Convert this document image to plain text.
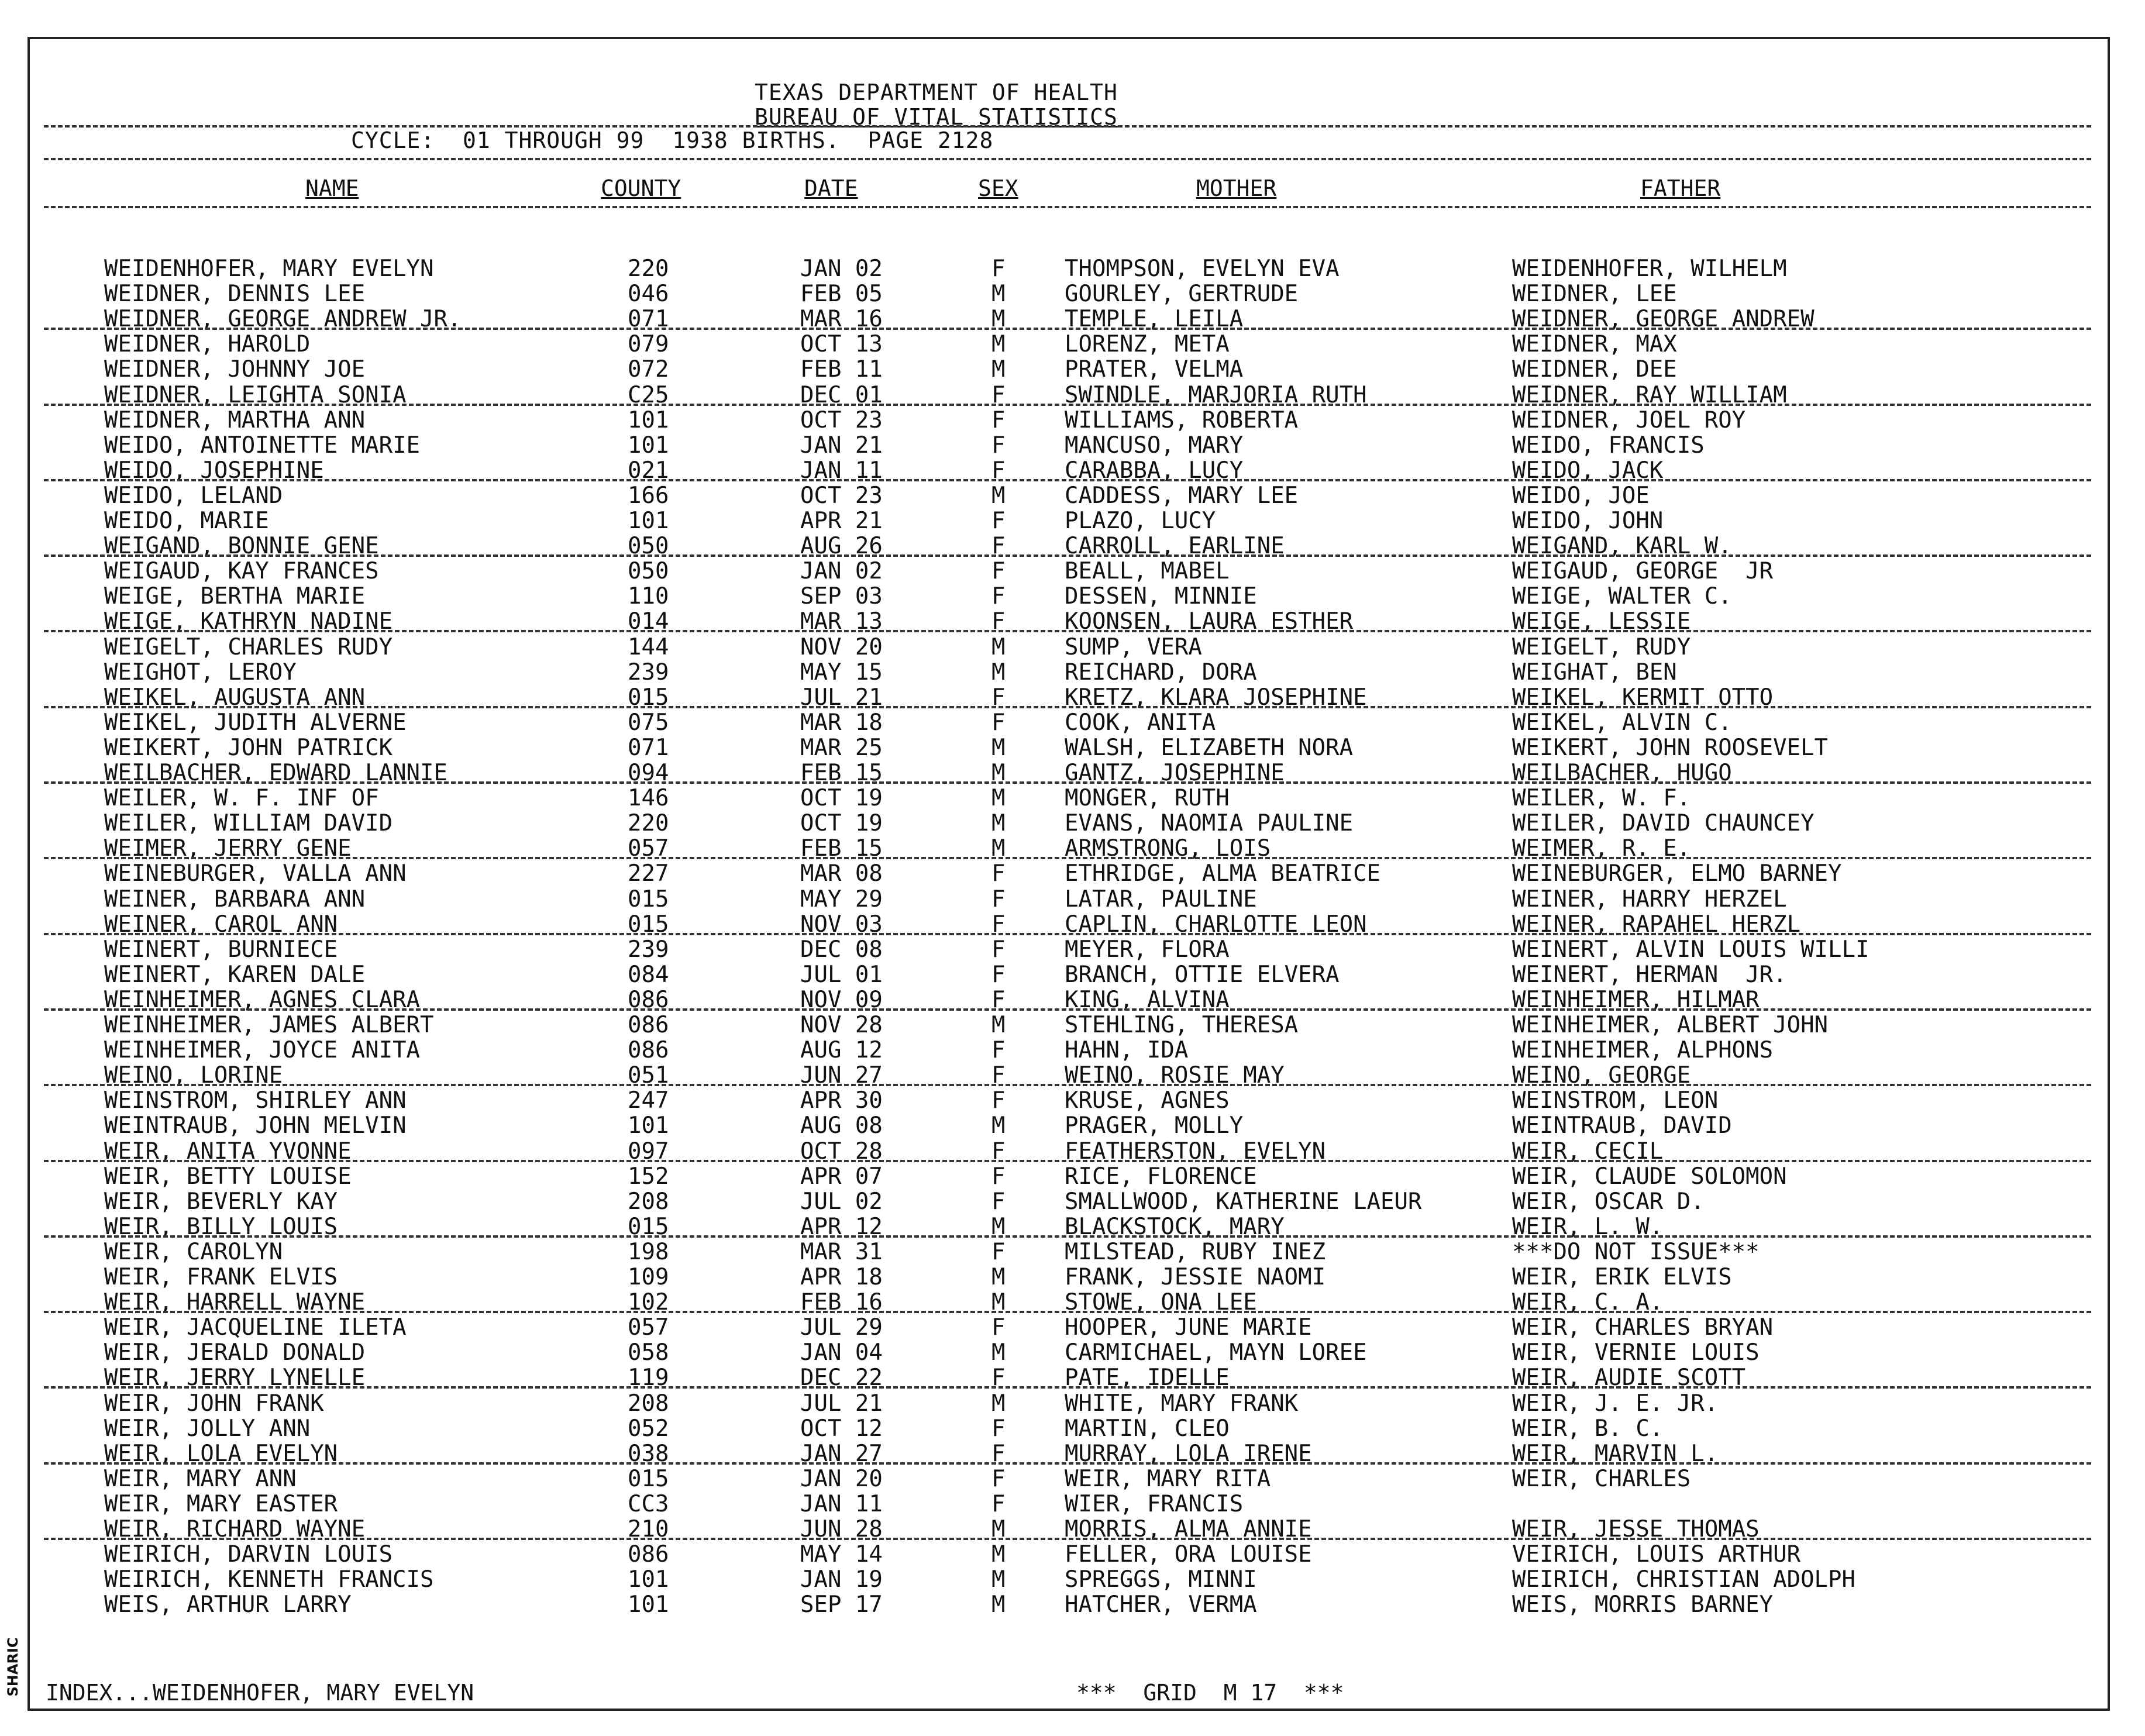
SHARIC
TEXAS DEPARTMENT OF HEALTH
BUREAU OF VITAL STATISTICS
CYCLE:  01 THROUGH 99  1938 BIRTHS.  PAGE 2128
NAME	COUNTY	DATE	SEX	MOTHER	FATHER
WEIDENHOFER, MARY EVELYN	220	JAN 02	F	THOMPSON, EVELYN EVA	WEIDENHOFER, WILHELM
WEIDNER, DENNIS LEE	046	FEB 05	M	GOURLEY, GERTRUDE	WEIDNER, LEE
WEIDNER, GEORGE ANDREW JR.	071	MAR 16	M	TEMPLE, LEILA	WEIDNER, GEORGE ANDREW
WEIDNER, HAROLD	079	OCT 13	M	LORENZ, META	WEIDNER, MAX
WEIDNER, JOHNNY JOE	072	FEB 11	M	PRATER, VELMA	WEIDNER, DEE
WEIDNER, LEIGHTA SONIA	C25	DEC 01	F	SWINDLE, MARJORIA RUTH	WEIDNER, RAY WILLIAM
WEIDNER, MARTHA ANN	101	OCT 23	F	WILLIAMS, ROBERTA	WEIDNER, JOEL ROY
WEIDO, ANTOINETTE MARIE	101	JAN 21	F	MANCUSO, MARY	WEIDO, FRANCIS
WEIDO, JOSEPHINE	021	JAN 11	F	CARABBA, LUCY	WEIDO, JACK
WEIDO, LELAND	166	OCT 23	M	CADDESS, MARY LEE	WEIDO, JOE
WEIDO, MARIE	101	APR 21	F	PLAZO, LUCY	WEIDO, JOHN
WEIGAND, BONNIE GENE	050	AUG 26	F	CARROLL, EARLINE	WEIGAND, KARL W.
WEIGAUD, KAY FRANCES	050	JAN 02	F	BEALL, MABEL	WEIGAUD, GEORGE  JR
WEIGE, BERTHA MARIE	110	SEP 03	F	DESSEN, MINNIE	WEIGE, WALTER C.
WEIGE, KATHRYN NADINE	014	MAR 13	F	KOONSEN, LAURA ESTHER	WEIGE, LESSIE
WEIGELT, CHARLES RUDY	144	NOV 20	M	SUMP, VERA	WEIGELT, RUDY
WEIGHOT, LEROY	239	MAY 15	M	REICHARD, DORA	WEIGHAT, BEN
WEIKEL, AUGUSTA ANN	015	JUL 21	F	KRETZ, KLARA JOSEPHINE	WEIKEL, KERMIT OTTO
WEIKEL, JUDITH ALVERNE	075	MAR 18	F	COOK, ANITA	WEIKEL, ALVIN C.
WEIKERT, JOHN PATRICK	071	MAR 25	M	WALSH, ELIZABETH NORA	WEIKERT, JOHN ROOSEVELT
WEILBACHER, EDWARD LANNIE	094	FEB 15	M	GANTZ, JOSEPHINE	WEILBACHER, HUGO
WEILER, W. F. INF OF	146	OCT 19	M	MONGER, RUTH	WEILER, W. F.
WEILER, WILLIAM DAVID	220	OCT 19	M	EVANS, NAOMIA PAULINE	WEILER, DAVID CHAUNCEY
WEIMER, JERRY GENE	057	FEB 15	M	ARMSTRONG, LOIS	WEIMER, R. E.
WEINEBURGER, VALLA ANN	227	MAR 08	F	ETHRIDGE, ALMA BEATRICE	WEINEBURGER, ELMO BARNEY
WEINER, BARBARA ANN	015	MAY 29	F	LATAR, PAULINE	WEINER, HARRY HERZEL
WEINER, CAROL ANN	015	NOV 03	F	CAPLIN, CHARLOTTE LEON	WEINER, RAPAHEL HERZL
WEINERT, BURNIECE	239	DEC 08	F	MEYER, FLORA	WEINERT, ALVIN LOUIS WILLI
WEINERT, KAREN DALE	084	JUL 01	F	BRANCH, OTTIE ELVERA	WEINERT, HERMAN  JR.
WEINHEIMER, AGNES CLARA	086	NOV 09	F	KING, ALVINA	WEINHEIMER, HILMAR
WEINHEIMER, JAMES ALBERT	086	NOV 28	M	STEHLING, THERESA	WEINHEIMER, ALBERT JOHN
WEINHEIMER, JOYCE ANITA	086	AUG 12	F	HAHN, IDA	WEINHEIMER, ALPHONS
WEINO, LORINE	051	JUN 27	F	WEINO, ROSIE MAY	WEINO, GEORGE
WEINSTROM, SHIRLEY ANN	247	APR 30	F	KRUSE, AGNES	WEINSTROM, LEON
WEINTRAUB, JOHN MELVIN	101	AUG 08	M	PRAGER, MOLLY	WEINTRAUB, DAVID
WEIR, ANITA YVONNE	097	OCT 28	F	FEATHERSTON, EVELYN	WEIR, CECIL
WEIR, BETTY LOUISE	152	APR 07	F	RICE, FLORENCE	WEIR, CLAUDE SOLOMON
WEIR, BEVERLY KAY	208	JUL 02	F	SMALLWOOD, KATHERINE LAEUR	WEIR, OSCAR D.
WEIR, BILLY LOUIS	015	APR 12	M	BLACKSTOCK, MARY	WEIR, L. W.
WEIR, CAROLYN	198	MAR 31	F	MILSTEAD, RUBY INEZ	***DO NOT ISSUE***
WEIR, FRANK ELVIS	109	APR 18	M	FRANK, JESSIE NAOMI	WEIR, ERIK ELVIS
WEIR, HARRELL WAYNE	102	FEB 16	M	STOWE, ONA LEE	WEIR, C. A.
WEIR, JACQUELINE ILETA	057	JUL 29	F	HOOPER, JUNE MARIE	WEIR, CHARLES BRYAN
WEIR, JERALD DONALD	058	JAN 04	M	CARMICHAEL, MAYN LOREE	WEIR, VERNIE LOUIS
WEIR, JERRY LYNELLE	119	DEC 22	F	PATE, IDELLE	WEIR, AUDIE SCOTT
WEIR, JOHN FRANK	208	JUL 21	M	WHITE, MARY FRANK	WEIR, J. E. JR.
WEIR, JOLLY ANN	052	OCT 12	F	MARTIN, CLEO	WEIR, B. C.
WEIR, LOLA EVELYN	038	JAN 27	F	MURRAY, LOLA IRENE	WEIR, MARVIN L.
WEIR, MARY ANN	015	JAN 20	F	WEIR, MARY RITA	WEIR, CHARLES
WEIR, MARY EASTER	CC3	JAN 11	F	WIER, FRANCIS
WEIR, RICHARD WAYNE	210	JUN 28	M	MORRIS, ALMA ANNIE	WEIR, JESSE THOMAS
WEIRICH, DARVIN LOUIS	086	MAY 14	M	FELLER, ORA LOUISE	VEIRICH, LOUIS ARTHUR
WEIRICH, KENNETH FRANCIS	101	JAN 19	M	SPREGGS, MINNI	WEIRICH, CHRISTIAN ADOLPH
WEIS, ARTHUR LARRY	101	SEP 17	M	HATCHER, VERMA	WEIS, MORRIS BARNEY
INDEX...WEIDENHOFER, MARY EVELYN	***  GRID  M 17  ***
